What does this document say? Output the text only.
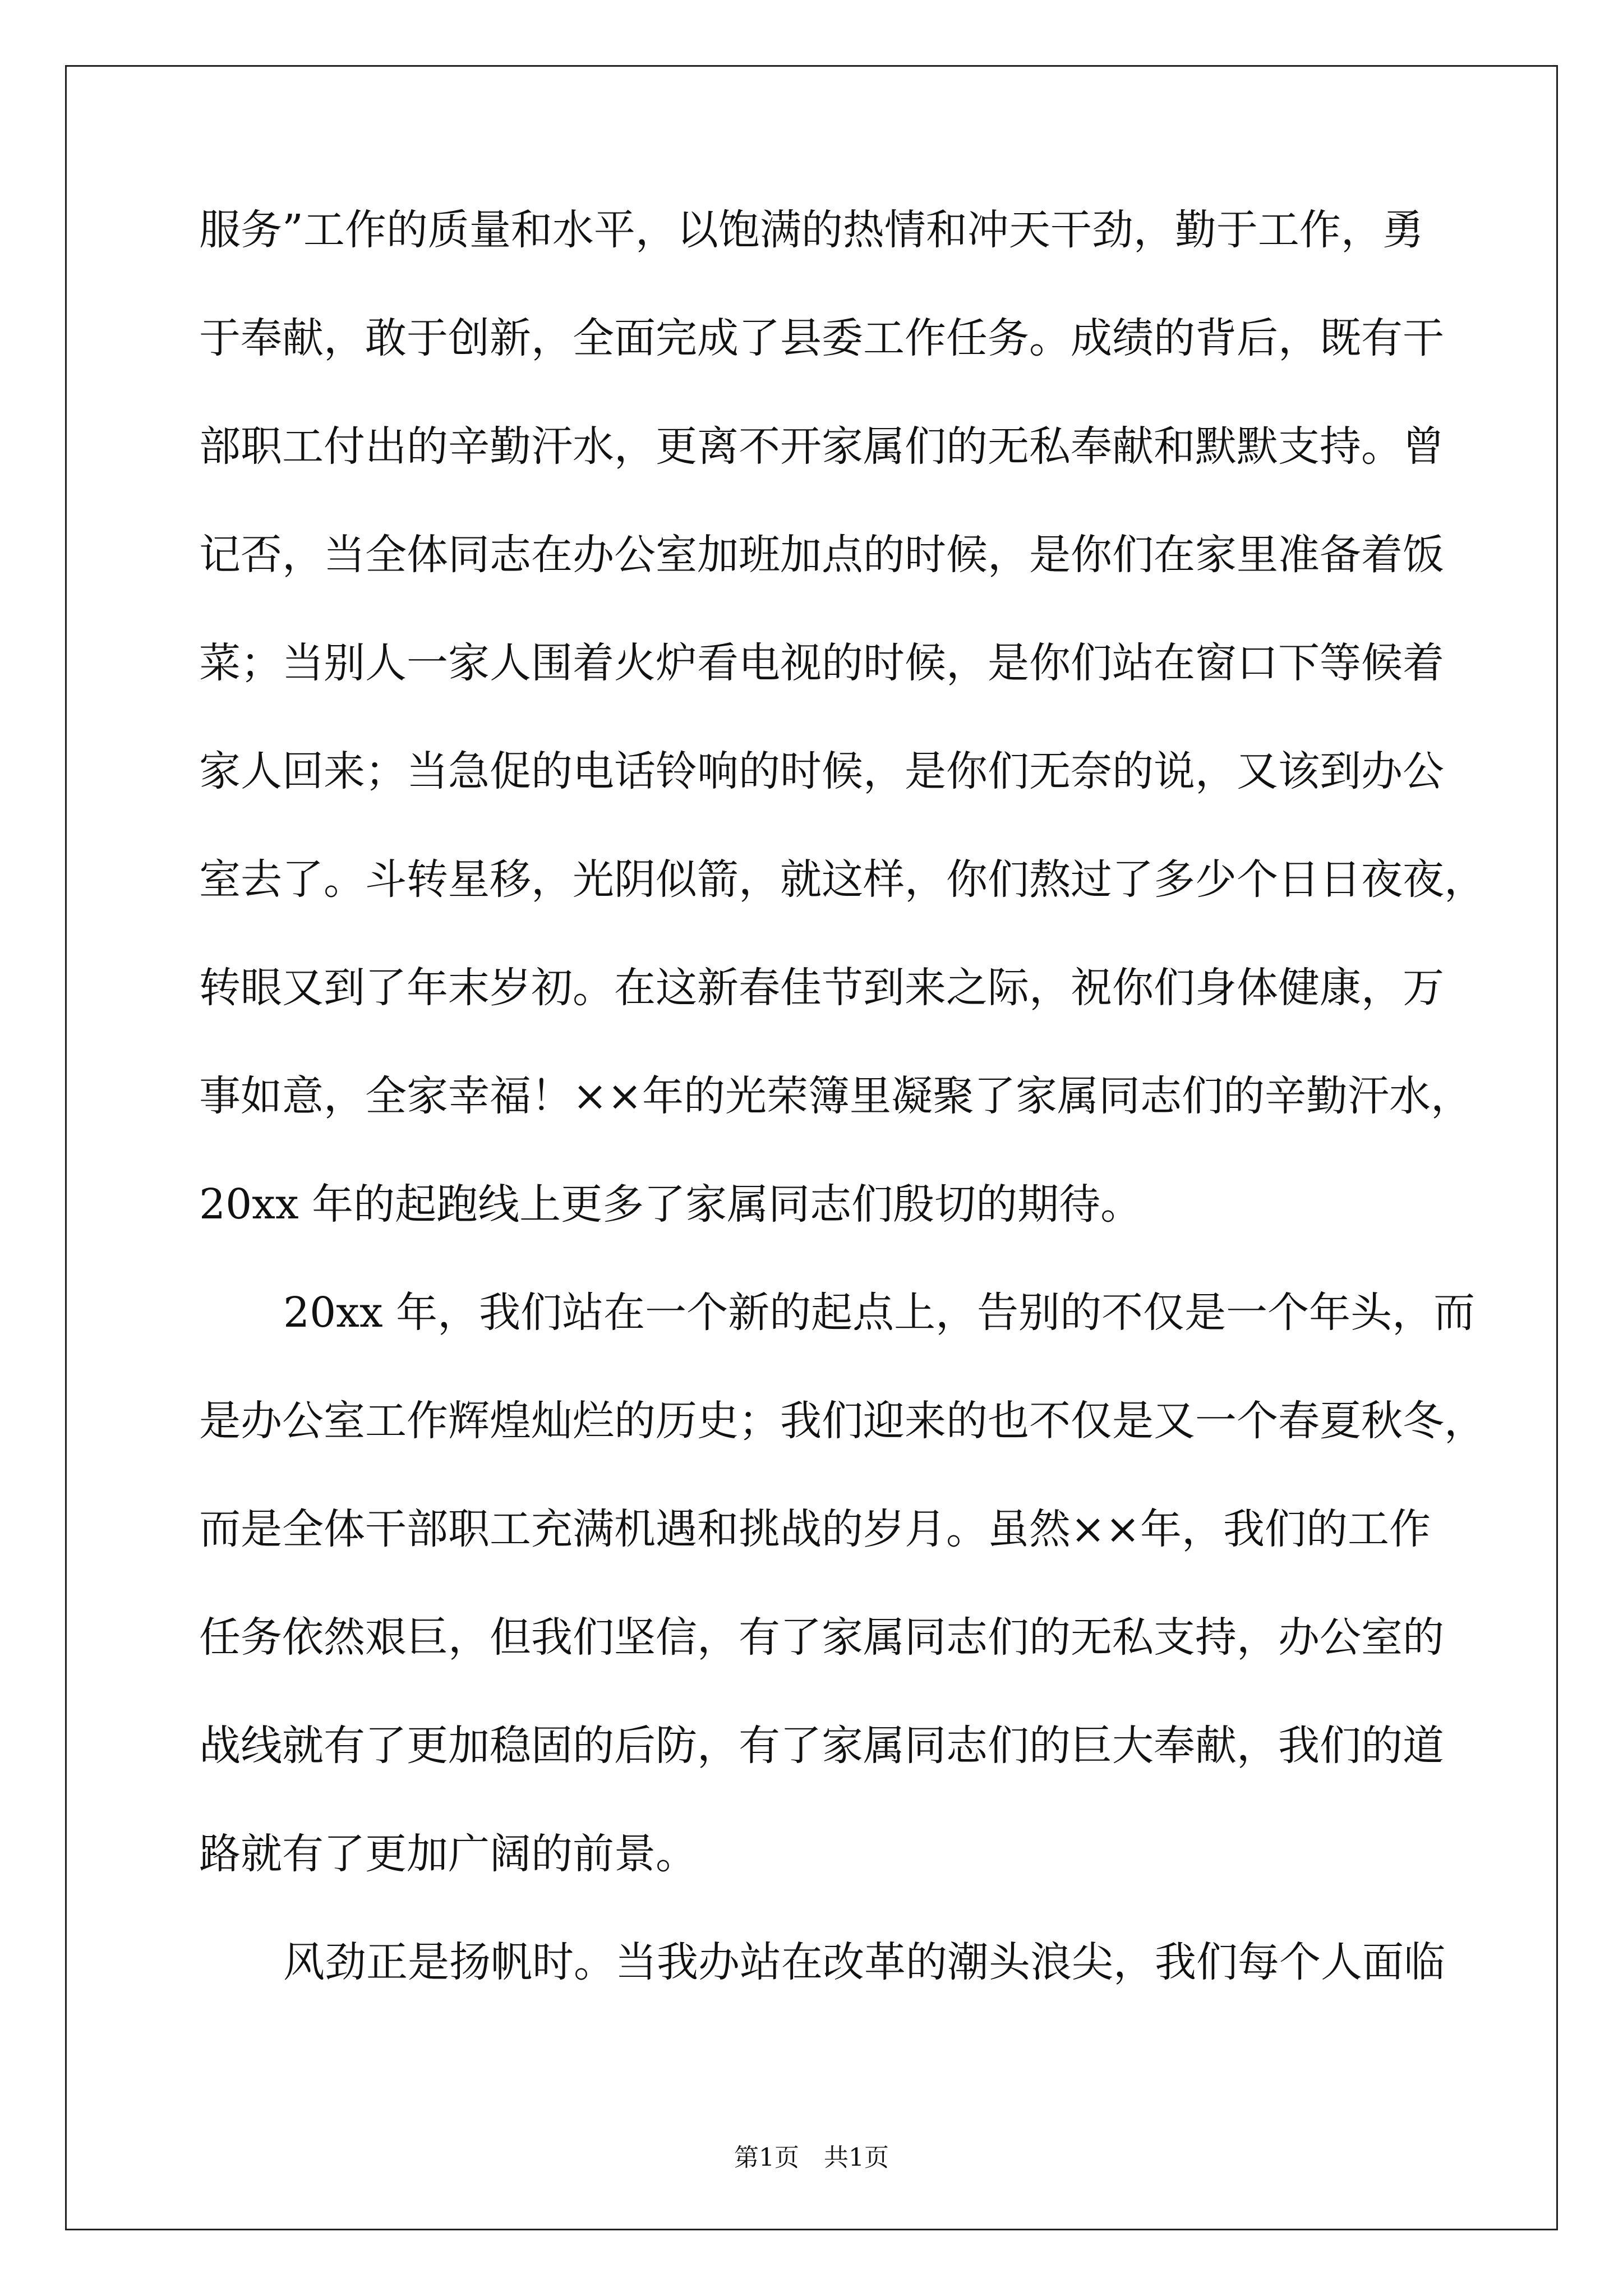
服务”工作的质量和水平，以饱满的热情和冲天干劲，勤于工作，勇
于奉献，敢于创新，全面完成了县委工作任务。成绩的背后，既有干
部职工付出的辛勤汗水，更离不开家属们的无私奉献和默默支持。曾
记否，当全体同志在办公室加班加点的时候，是你们在家里准备着饭
菜；当别人一家人围着火炉看电视的时候，是你们站在窗口下等候着
家人回来；当急促的电话铃响的时候，是你们无奈的说，又该到办公
室去了。斗转星移，光阴似箭，就这样，你们熬过了多少个日日夜夜，
转眼又到了年末岁初。在这新春佳节到来之际，祝你们身体健康，万
事如意，全家幸福！××年的光荣簿里凝聚了家属同志们的辛勤汗水，
20xx 年的起跑线上更多了家属同志们殷切的期待。
20xx 年，我们站在一个新的起点上，告别的不仅是一个年头，而
是办公室工作辉煌灿烂的历史；我们迎来的也不仅是又一个春夏秋冬，
而是全体干部职工充满机遇和挑战的岁月。虽然××年，我们的工作
任务依然艰巨，但我们坚信，有了家属同志们的无私支持，办公室的
战线就有了更加稳固的后防，有了家属同志们的巨大奉献，我们的道
路就有了更加广阔的前景。
风劲正是扬帆时。当我办站在改革的潮头浪尖，我们每个人面临
第1页　共1页
